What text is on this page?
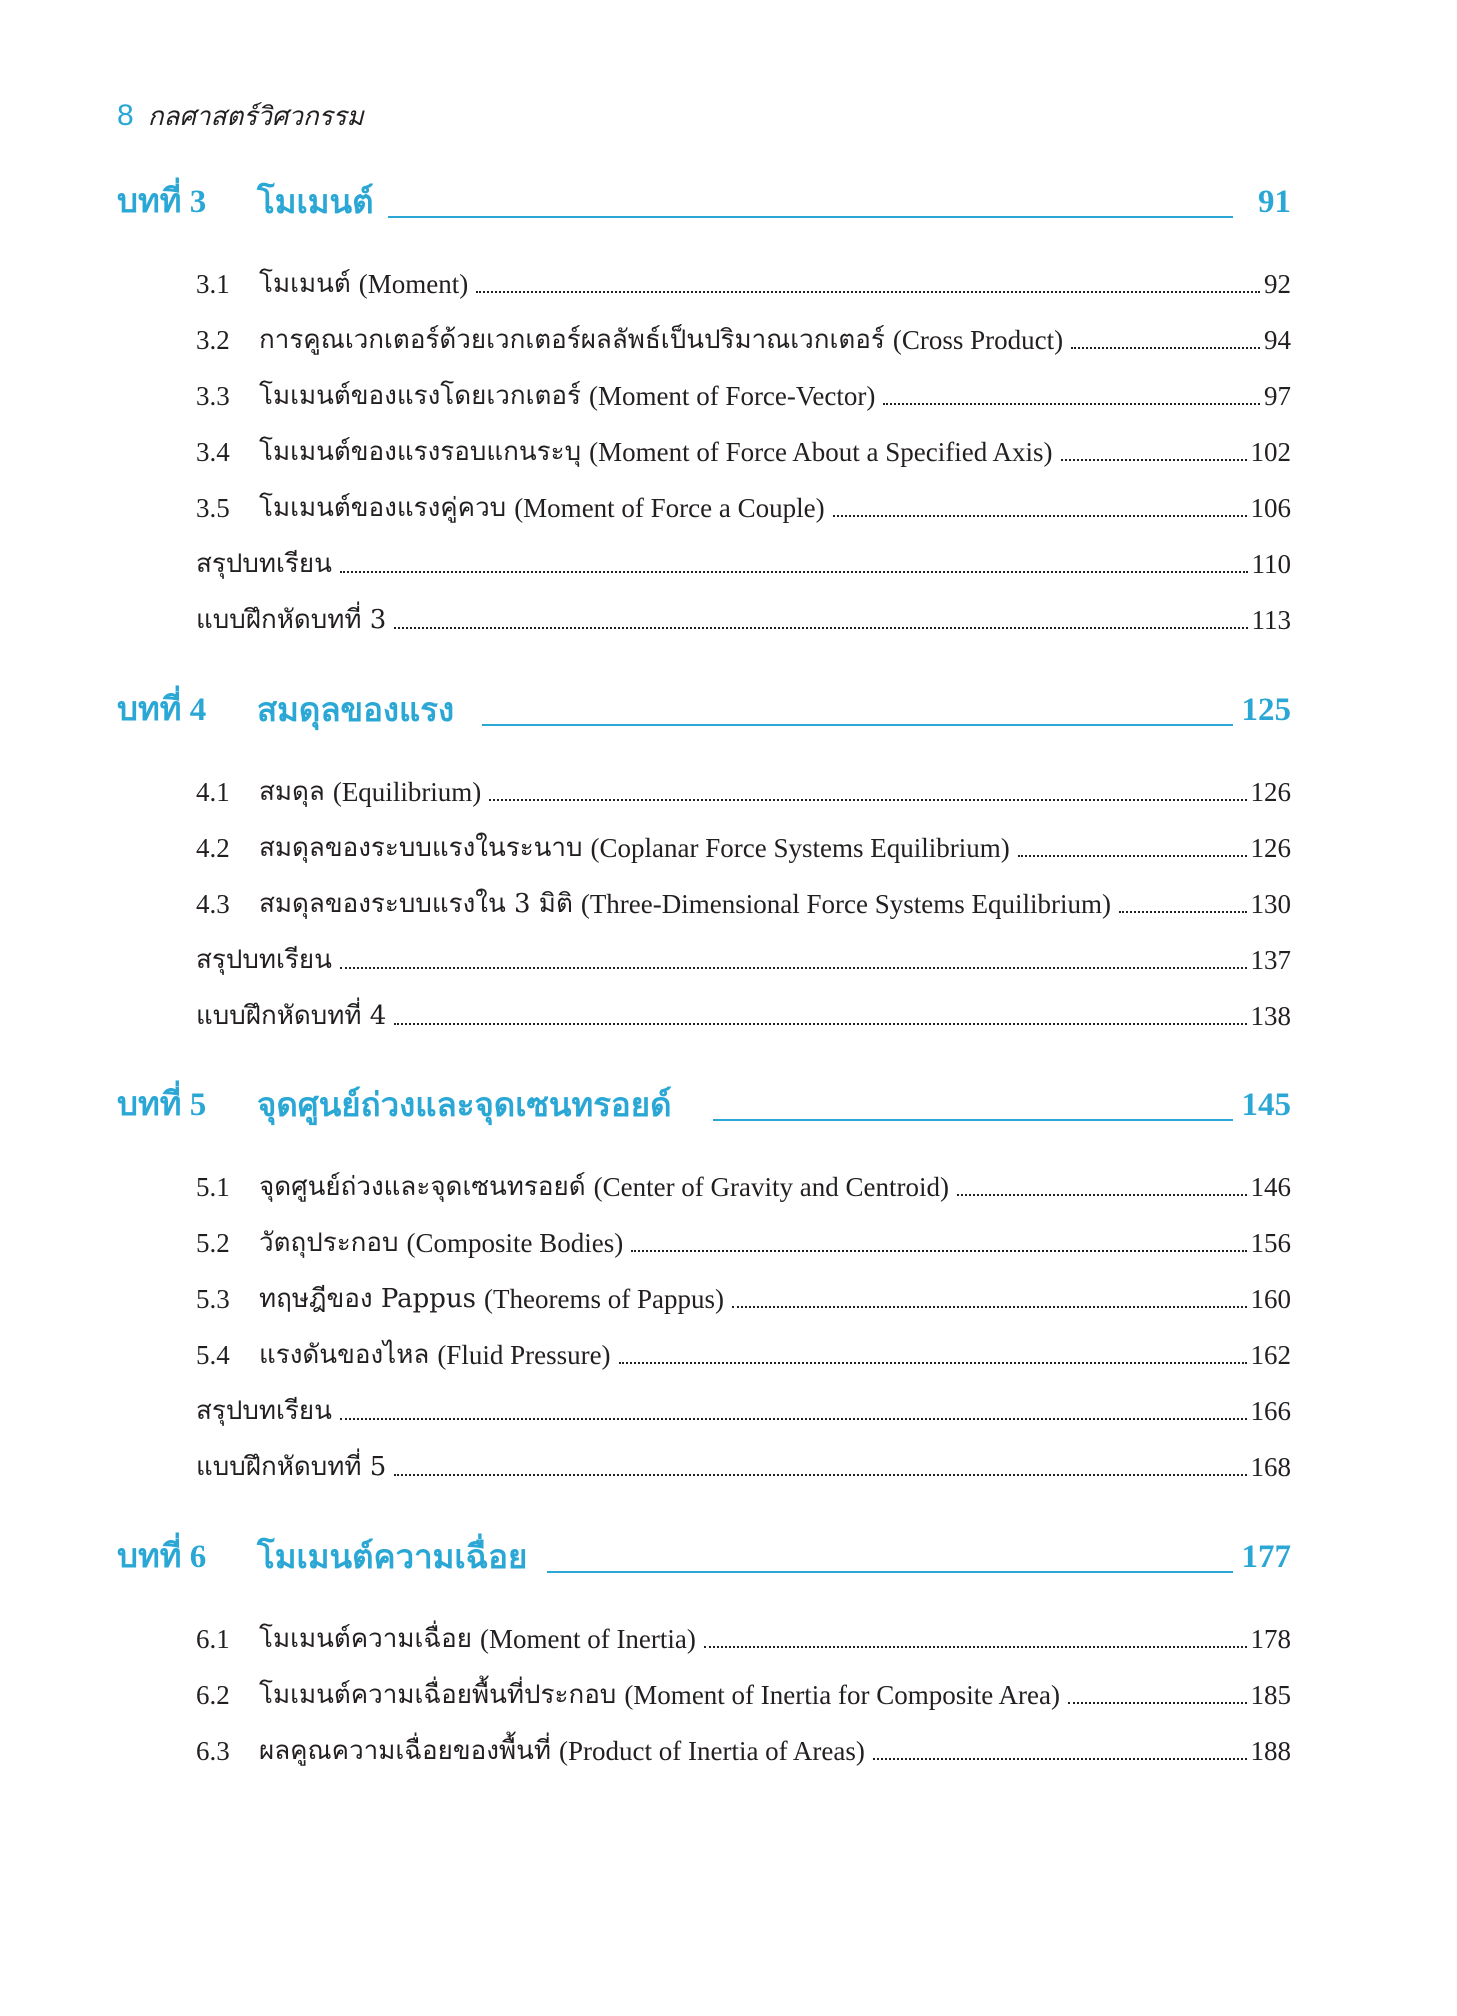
8 กลศาสตร์วิศวกรรม
บทที่ 3 โมเมนต์	91
3.1	โมเมนต์ (Moment)	92
3.2	การคูณเวกเตอร์ด้วยเวกเตอร์ผลลัพธ์เป็นปริมาณเวกเตอร์ (Cross Product)	94
3.3	โมเมนต์ของแรงโดยเวกเตอร์ (Moment of Force-Vector)	97
3.4	โมเมนต์ของแรงรอบแกนระบุ (Moment of Force About a Specified Axis)	102
3.5	โมเมนต์ของแรงคู่ควบ (Moment of Force a Couple)	106
สรุปบทเรียน	110
แบบฝึกหัดบทที่ 3	113
บทที่ 4 สมดุลของแรง	125
4.1	สมดุล (Equilibrium)	126
4.2	สมดุลของระบบแรงในระนาบ (Coplanar Force Systems Equilibrium)	126
4.3	สมดุลของระบบแรงใน 3 มิติ (Three-Dimensional Force Systems Equilibrium)	130
สรุปบทเรียน	137
แบบฝึกหัดบทที่ 4	138
บทที่ 5 จุดศูนย์ถ่วงและจุดเซนทรอยด์	145
5.1	จุดศูนย์ถ่วงและจุดเซนทรอยด์ (Center of Gravity and Centroid)	146
5.2	วัตถุประกอบ (Composite Bodies)	156
5.3	ทฤษฎีของ Pappus (Theorems of Pappus)	160
5.4	แรงดันของไหล (Fluid Pressure)	162
สรุปบทเรียน	166
แบบฝึกหัดบทที่ 5	168
บทที่ 6 โมเมนต์ความเฉื่อย	177
6.1	โมเมนต์ความเฉื่อย (Moment of Inertia)	178
6.2	โมเมนต์ความเฉื่อยพื้นที่ประกอบ (Moment of Inertia for Composite Area)	185
6.3	ผลคูณความเฉื่อยของพื้นที่ (Product of Inertia of Areas)	188
